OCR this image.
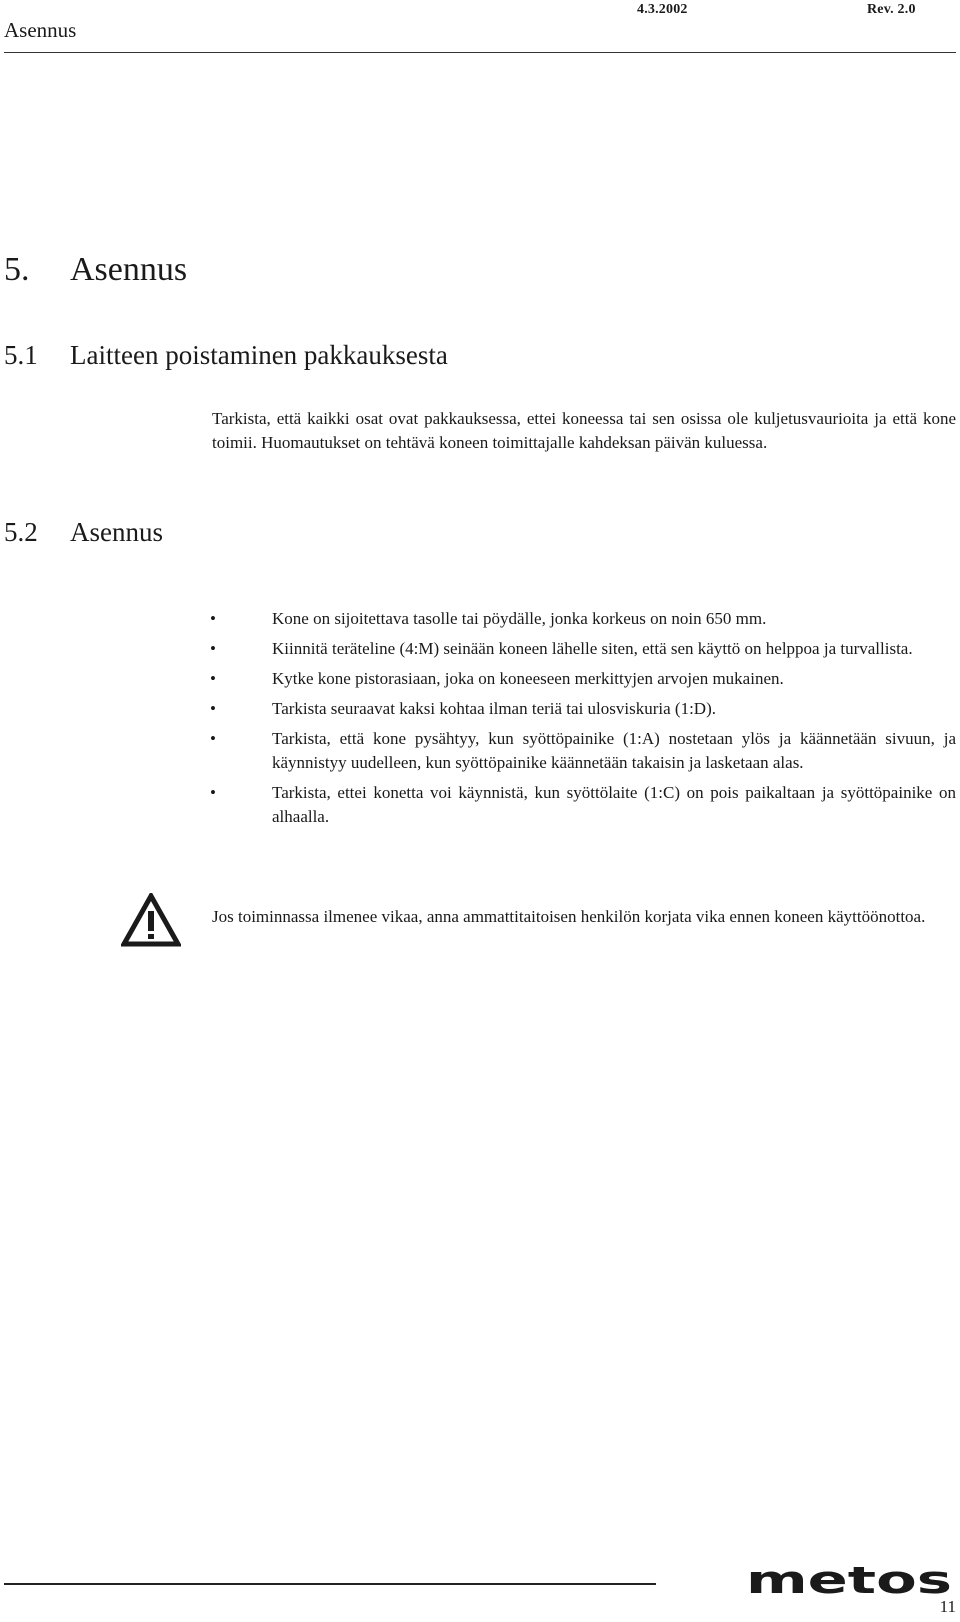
Asennus
4.3.2002	Rev. 2.0
5. Asennus
5.1 Laitteen poistaminen pakkauksesta

Tarkista, että kaikki osat ovat pakkauksessa, ettei koneessa tai sen osissa ole kuljetusvaurioita ja että kone toimii. Huomautukset on tehtävä koneen toimittajalle kahdeksan päivän kuluessa.

5.2 Asennus
•	Kone on sijoitettava tasolle tai pöydälle, jonka korkeus on noin 650 mm.
•	Kiinnitä teräteline (4:M) seinään koneen lähelle siten, että sen käyttö on helppoa ja turvallista.
•	Kytke kone pistorasiaan, joka on koneeseen merkittyjen arvojen mukainen.
•	Tarkista seuraavat kaksi kohtaa ilman teriä tai ulosviskuria (1:D).
•	Tarkista, että kone pysähtyy, kun syöttöpainike (1:A) nostetaan ylös ja käännetään sivuun, ja käynnistyy uudelleen, kun syöttöpainike käännetään takaisin ja lasketaan alas.
•	Tarkista, ettei konetta voi käynnistä, kun syöttölaite (1:C) on pois paikaltaan ja syöttöpainike on alhaalla.

Jos toiminnassa ilmenee vikaa, anna ammattitaitoisen henkilön korjata vika ennen koneen käyttöönottoa.

metos
11
